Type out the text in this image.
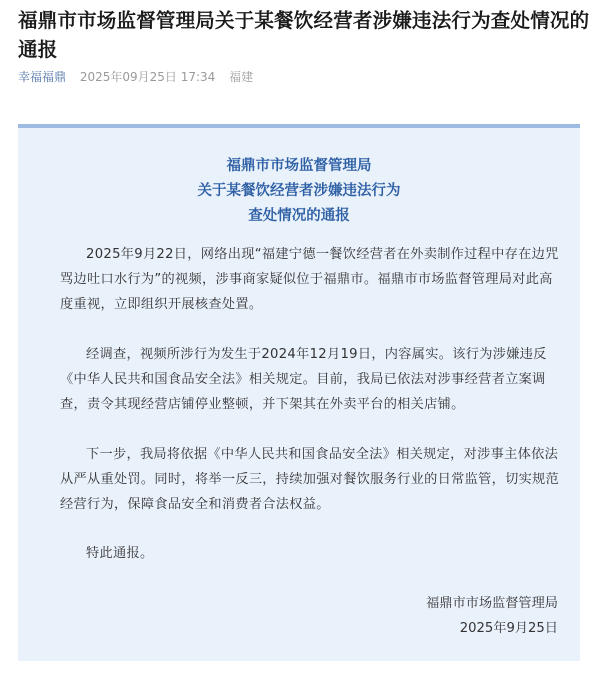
福鼎市市场监督管理局关于某餐饮经营者涉嫌违法行为查处情况的通报
幸福福鼎 2025年09月25日 17:34 福建
福鼎市市场监督管理局
关于某餐饮经营者涉嫌违法行为
查处情况的通报
2025年9月22日，网络出现“福建宁德一餐饮经营者在外卖制作过程中存在边咒骂边吐口水行为”的视频，涉事商家疑似位于福鼎市。福鼎市市场监督管理局对此高度重视，立即组织开展核查处置。
经调查，视频所涉行为发生于2024年12月19日，内容属实。该行为涉嫌违反《中华人民共和国食品安全法》相关规定。目前，我局已依法对涉事经营者立案调查，责令其现经营店铺停业整顿，并下架其在外卖平台的相关店铺。
下一步，我局将依据《中华人民共和国食品安全法》相关规定，对涉事主体依法从严从重处罚。同时，将举一反三，持续加强对餐饮服务行业的日常监管，切实规范经营行为，保障食品安全和消费者合法权益。
特此通报。
福鼎市市场监督管理局
2025年9月25日
